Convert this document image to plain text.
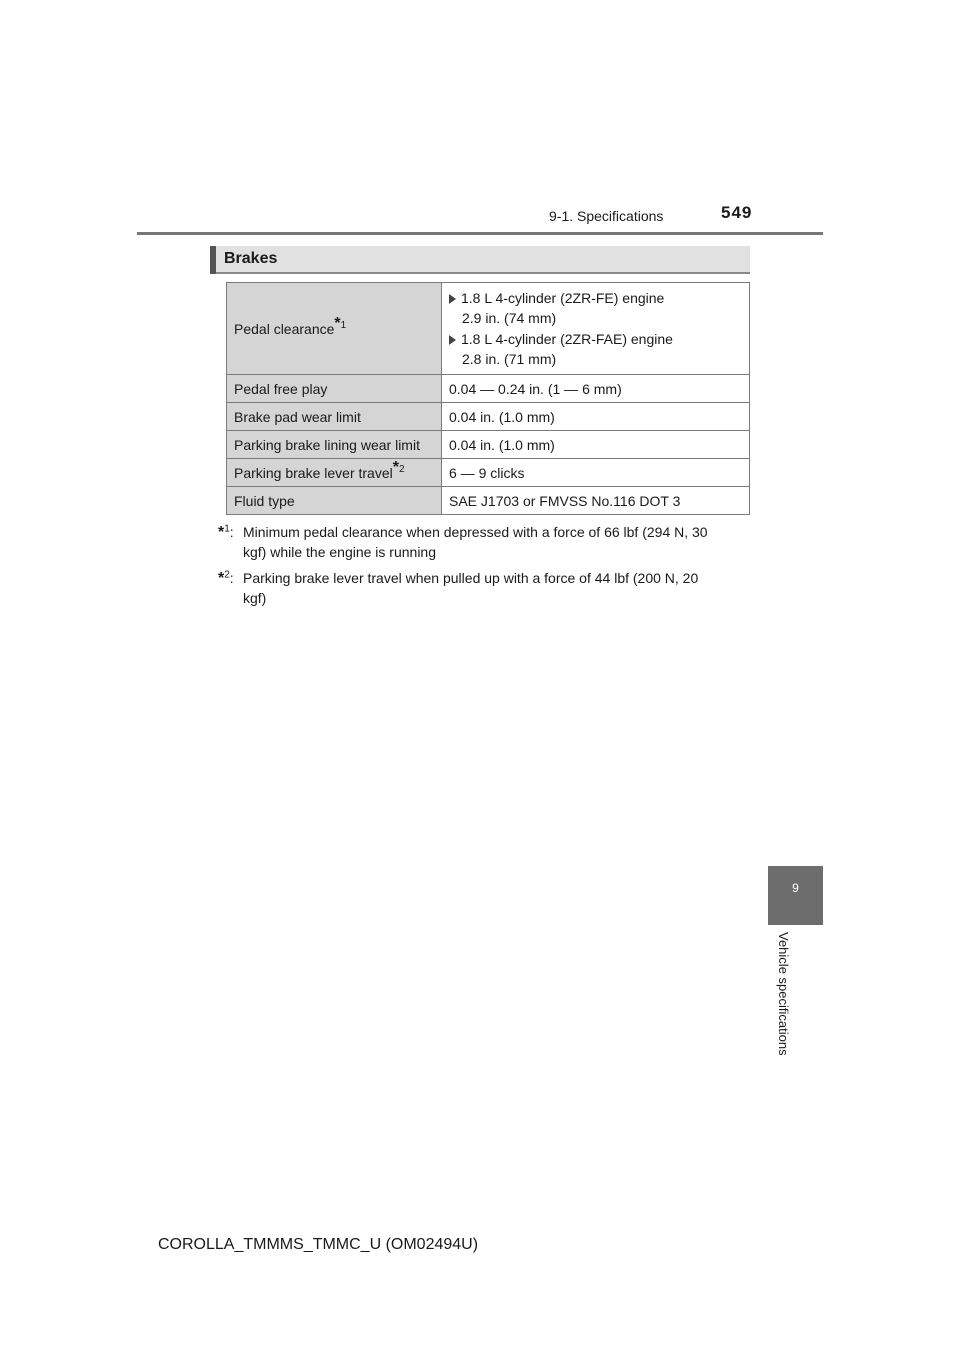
9-1. Specifications	549
Brakes
Pedal clearance$^{*1}$	1.8 L 4-cylinder (2ZR-FE) engine
2.9 in. (74 mm)
1.8 L 4-cylinder (2ZR-FAE) engine
2.8 in. (71 mm)

Pedal free play	0.04 — 0.24 in. (1 — 6 mm)
Brake pad wear limit	0.04 in. (1.0 mm)
Parking brake lining wear limit	0.04 in. (1.0 mm)
Parking brake lever travel$^{*2}$	6 — 9 clicks
Fluid type	SAE J1703 or FMVSS No.116 DOT 3
*$^1$: Minimum pedal clearance when depressed with a force of 66 lbf (294 N, 30
kgf) while the engine is running
*$^2$: Parking brake lever travel when pulled up with a force of 44 lbf (200 N, 20
kgf)
9
Vehicle specifications
COROLLA_TMMMS_TMMC_U (OM02494U)
